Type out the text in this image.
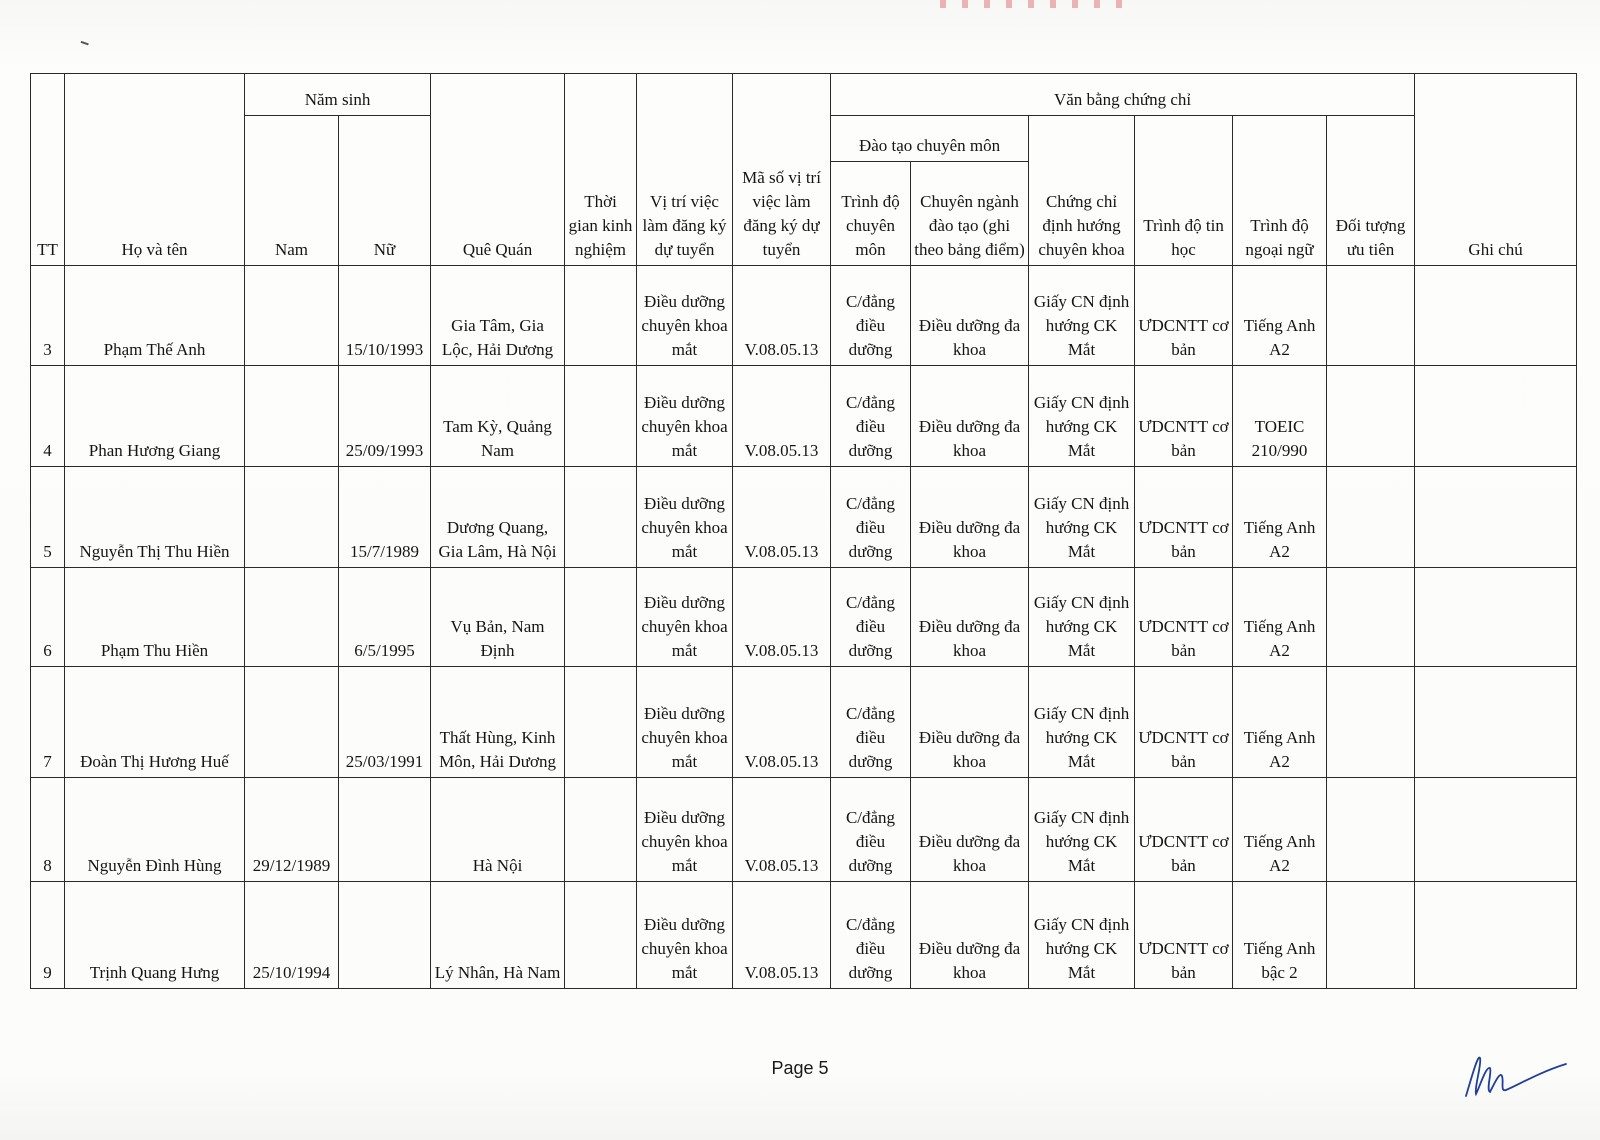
TT	Họ và tên	Năm sinh		Quê Quán	Thời gian kinh nghiệm	Vị trí việc làm đăng ký dự tuyển	Mã số vị trí việc làm đăng ký dự tuyển	Văn bằng chứng chỉ						Ghi chú
		Nam	Nữ					Đào tạo chuyên môn		Chứng chỉ định hướng chuyên khoa	Trình độ tin học	Trình độ ngoại ngữ	Đối tượng ưu tiên	
								Trình độ chuyên môn	Chuyên ngành đào tạo (ghi theo bảng điểm)					
3	Phạm Thế Anh		15/10/1993	Gia Tâm, Gia Lộc, Hải Dương		Điều dưỡng chuyên khoa mắt	V.08.05.13	C/đẳng điều dưỡng	Điều dưỡng đa khoa	Giấy CN định hướng CK Mắt	ƯDCNTT cơ bản	Tiếng Anh A2		
4	Phan Hương Giang		25/09/1993	Tam Kỳ, Quảng Nam		Điều dưỡng chuyên khoa mắt	V.08.05.13	C/đẳng điều dưỡng	Điều dưỡng đa khoa	Giấy CN định hướng CK Mắt	ƯDCNTT cơ bản	TOEIC 210/990		
5	Nguyễn Thị Thu Hiền		15/7/1989	Dương Quang, Gia Lâm, Hà Nội		Điều dưỡng chuyên khoa mắt	V.08.05.13	C/đẳng điều dưỡng	Điều dưỡng đa khoa	Giấy CN định hướng CK Mắt	ƯDCNTT cơ bản	Tiếng Anh A2		
6	Phạm Thu Hiền		6/5/1995	Vụ Bản, Nam Định		Điều dưỡng chuyên khoa mắt	V.08.05.13	C/đẳng điều dưỡng	Điều dưỡng đa khoa	Giấy CN định hướng CK Mắt	ƯDCNTT cơ bản	Tiếng Anh A2		
7	Đoàn Thị Hương Huế		25/03/1991	Thất Hùng, Kinh Môn, Hải Dương		Điều dưỡng chuyên khoa mắt	V.08.05.13	C/đẳng điều dưỡng	Điều dưỡng đa khoa	Giấy CN định hướng CK Mắt	ƯDCNTT cơ bản	Tiếng Anh A2		
8	Nguyễn Đình Hùng	29/12/1989		Hà Nội		Điều dưỡng chuyên khoa mắt	V.08.05.13	C/đẳng điều dưỡng	Điều dưỡng đa khoa	Giấy CN định hướng CK Mắt	ƯDCNTT cơ bản	Tiếng Anh A2		
9	Trịnh Quang Hưng	25/10/1994		Lý Nhân, Hà Nam		Điều dưỡng chuyên khoa mắt	V.08.05.13	C/đẳng điều dưỡng	Điều dưỡng đa khoa	Giấy CN định hướng CK Mắt	ƯDCNTT cơ bản	Tiếng Anh bậc 2		
Page 5
